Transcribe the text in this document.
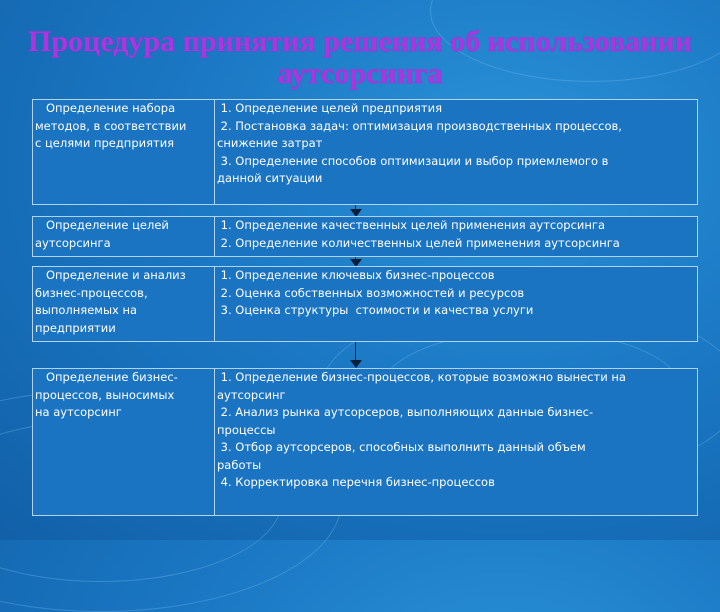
Процедура принятия решения об использовании
аутсорсинга

Определение набора
методов, в соответствии
с целями предприятия

1. Определение целей предприятия
2. Постановка задач: оптимизация производственных процессов,
снижение затрат
3. Определение способов оптимизации и выбор приемлемого в
данной ситуации

Определение целей
аутсорсинга

1. Определение качественных целей применения аутсорсинга
2. Определение количественных целей применения аутсорсинга

Определение и анализ
бизнес-процессов,
выполняемых на
предприятии

1. Определение ключевых бизнес-процессов
2. Оценка собственных возможностей и ресурсов
3. Оценка структуры  стоимости и качества услуги

Определение бизнес-
процессов, выносимых
на аутсорсинг

1. Определение бизнес-процессов, которые возможно вынести на
аутсорсинг
2. Анализ рынка аутсорсеров, выполняющих данные бизнес-
процессы
3. Отбор аутсорсеров, способных выполнить данный объем
работы
4. Корректировка перечня бизнес-процессов
